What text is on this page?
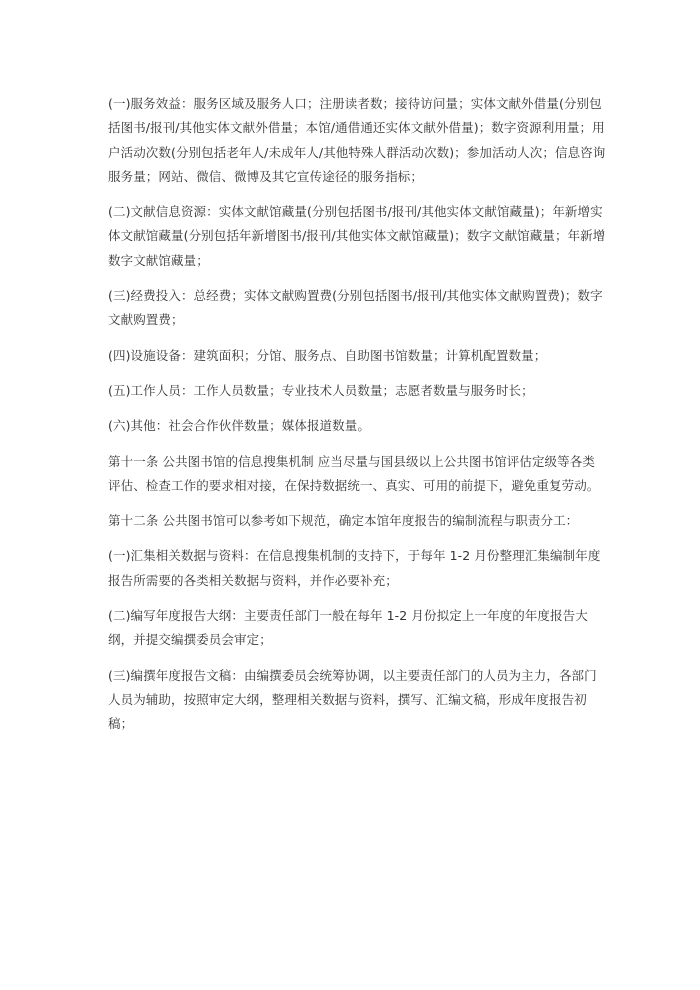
(一)服务效益：服务区域及服务人口；注册读者数；接待访问量；实体文献外借量(分别包括图书/报刊/其他实体文献外借量；本馆/通借通还实体文献外借量)；数字资源利用量；用户活动次数(分别包括老年人/未成年人/其他特殊人群活动次数)；参加活动人次；信息咨询服务量；网站、微信、微博及其它宣传途径的服务指标；

(二)文献信息资源：实体文献馆藏量(分别包括图书/报刊/其他实体文献馆藏量)；年新增实体文献馆藏量(分别包括年新增图书/报刊/其他实体文献馆藏量)；数字文献馆藏量；年新增数字文献馆藏量；

(三)经费投入：总经费；实体文献购置费(分别包括图书/报刊/其他实体文献购置费)；数字文献购置费；

(四)设施设备：建筑面积；分馆、服务点、自助图书馆数量；计算机配置数量；

(五)工作人员：工作人员数量；专业技术人员数量；志愿者数量与服务时长；

(六)其他：社会合作伙伴数量；媒体报道数量。

第十一条 公共图书馆的信息搜集机制 应当尽量与国县级以上公共图书馆评估定级等各类评估、检查工作的要求相对接，在保持数据统一、真实、可用的前提下，避免重复劳动。

第十二条 公共图书馆可以参考如下规范，确定本馆年度报告的编制流程与职责分工：

(一)汇集相关数据与资料：在信息搜集机制的支持下，于每年 1-2 月份整理汇集编制年度报告所需要的各类相关数据与资料，并作必要补充；

(二)编写年度报告大纲：主要责任部门一般在每年 1-2 月份拟定上一年度的年度报告大纲，并提交编撰委员会审定；

(三)编撰年度报告文稿：由编撰委员会统筹协调，以主要责任部门的人员为主力，各部门人员为辅助，按照审定大纲，整理相关数据与资料，撰写、汇编文稿，形成年度报告初稿；
